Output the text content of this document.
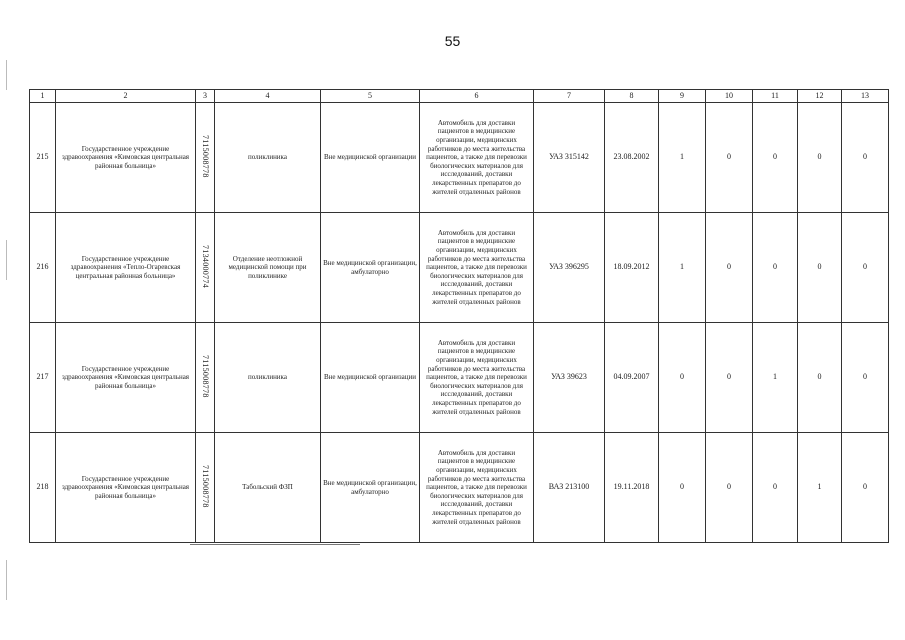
55
1	2	3	4	5	6	7	8	9	10	11	12	13
215	Государственное учреждение здравоохранения «Кимовская центральная районная больница»	7115008778	поликлиника	Вне медицинской организации	Автомобиль для доставки пациентов в медицинские организации, медицинских работников до места жительства пациентов, а также для перевозки биологических материалов для исследований, доставки лекарственных препаратов до жителей отдаленных районов	УАЗ 315142	23.08.2002	1	0	0	0	0
216	Государственное учреждение здравоохранения «Тепло-Огаревская центральная районная больница»	7134000774	Отделение неотложной медицинской помощи при поликлинике	Вне медицинской организации, амбулаторно	Автомобиль для доставки пациентов в медицинские организации, медицинских работников до места жительства пациентов, а также для перевозки биологических материалов для исследований, доставки лекарственных препаратов до жителей отдаленных районов	УАЗ 396295	18.09.2012	1	0	0	0	0
217	Государственное учреждение здравоохранения «Кимовская центральная районная больница»	7115008778	поликлиника	Вне медицинской организации	Автомобиль для доставки пациентов в медицинские организации, медицинских работников до места жительства пациентов, а также для перевозки биологических материалов для исследований, доставки лекарственных препаратов до жителей отдаленных районов	УАЗ 39623	04.09.2007	0	0	1	0	0
218	Государственное учреждение здравоохранения «Кимовская центральная районная больница»	7115008778	Табольский ФЗП	Вне медицинской организации, амбулаторно	Автомобиль для доставки пациентов в медицинские организации, медицинских работников до места жительства пациентов, а также для перевозки биологических материалов для исследований, доставки лекарственных препаратов до жителей отдаленных районов	ВАЗ 213100	19.11.2018	0	0	0	1	0
